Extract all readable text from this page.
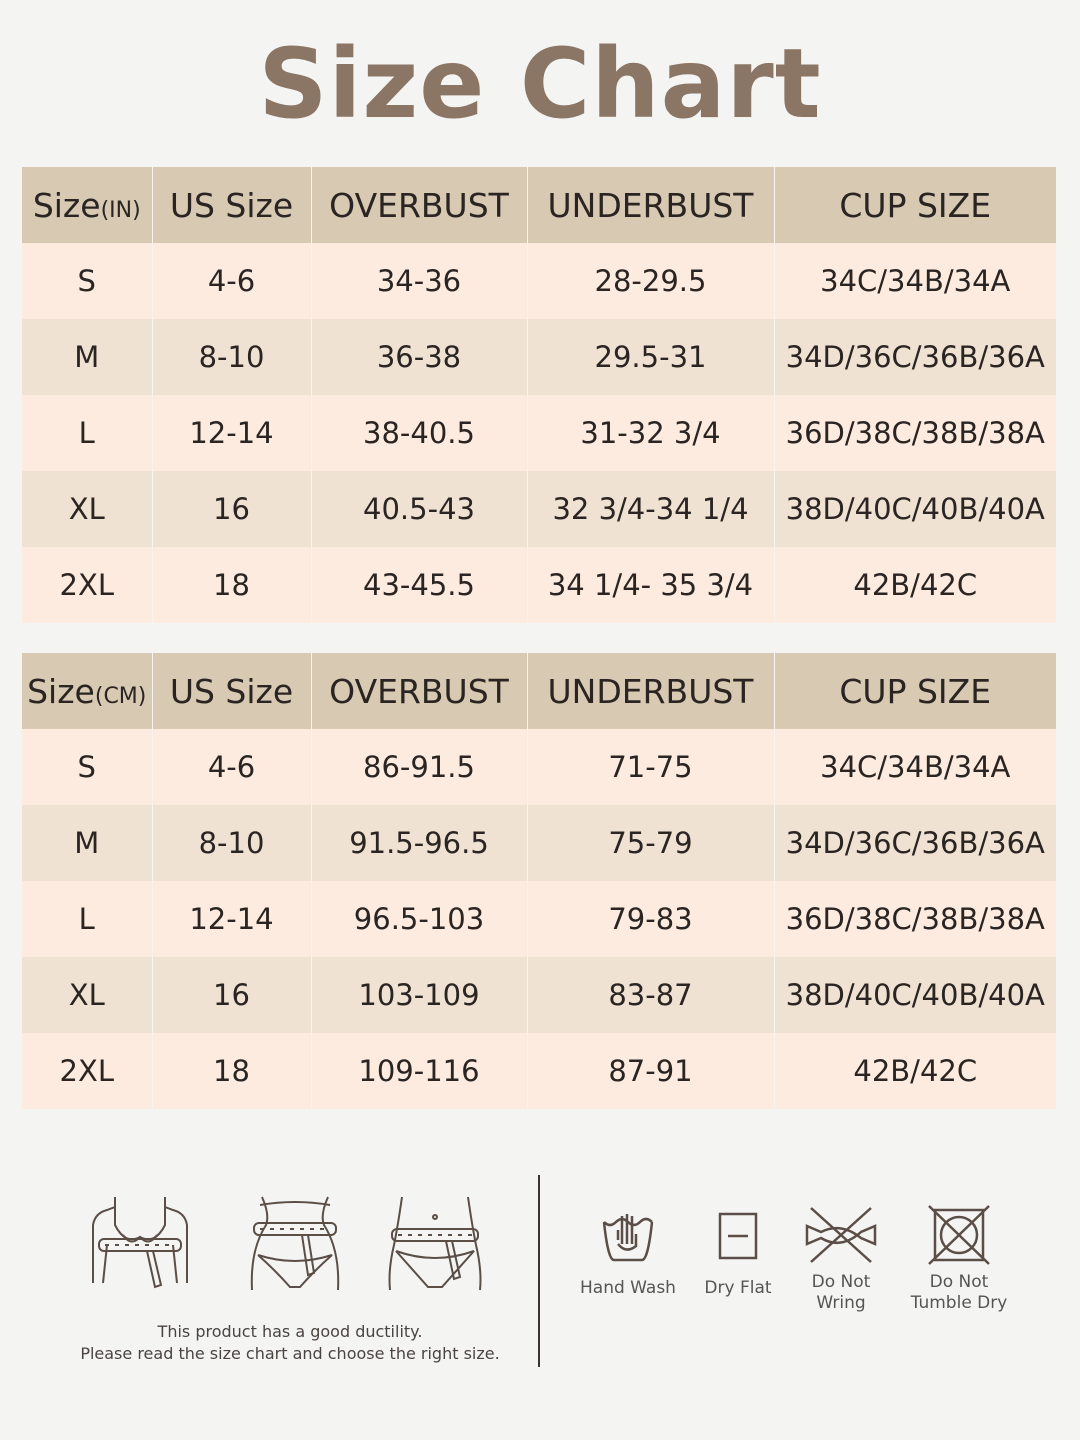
Size Chart
Size(IN)	US Size	OVERBUST	UNDERBUST	CUP SIZE
S	4-6	34-36	28-29.5	34C/34B/34A
M	8-10	36-38	29.5-31	34D/36C/36B/36A
L	12-14	38-40.5	31-32 3/4	36D/38C/38B/38A
XL	16	40.5-43	32 3/4-34 1/4	38D/40C/40B/40A
2XL	18	43-45.5	34 1/4- 35 3/4	42B/42C
Size(CM)	US Size	OVERBUST	UNDERBUST	CUP SIZE
S	4-6	86-91.5	71-75	34C/34B/34A
M	8-10	91.5-96.5	75-79	34D/36C/36B/36A
L	12-14	96.5-103	79-83	36D/38C/38B/38A
XL	16	103-109	83-87	38D/40C/40B/40A
2XL	18	109-116	87-91	42B/42C
This product has a good ductility.
Please read the size chart and choose the right size.
Hand Wash	Dry Flat	Do Not
Wring
Do Not
Tumble Dry
